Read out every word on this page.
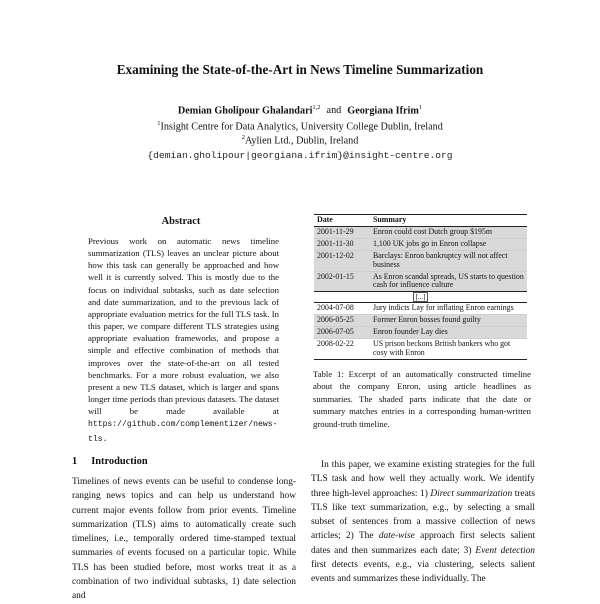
Examining the State-of-the-Art in News Timeline Summarization
Demian Gholipour Ghalandari$^{1,2}$ and Georgiana Ifrim$^1$
$^1$Insight Centre for Data Analytics, University College Dublin, Ireland
$^2$Aylien Ltd., Dublin, Ireland
{demian.gholipour|georgiana.ifrim}@insight-centre.org
Abstract
Previous work on automatic news timeline summarization (TLS) leaves an unclear picture about how this task can generally be approached and how well it is currently solved. This is mostly due to the focus on individual subtasks, such as date selection and date summarization, and to the previous lack of appropriate evaluation metrics for the full TLS task. In this paper, we compare different TLS strategies using appropriate evaluation frameworks, and propose a simple and effective combination of methods that improves over the state-of-the-art on all tested benchmarks. For a more robust evaluation, we also present a new TLS dataset, which is larger and spans longer time periods than previous datasets. The dataset will be made available at https://github.com/complementizer/news-tls.
1 Introduction
Timelines of news events can be useful to condense long-ranging news topics and can help us understand how current major events follow from prior events. Timeline summarization (TLS) aims to automatically create such timelines, i.e., temporally ordered time-stamped textual summaries of events focused on a particular topic. While TLS has been studied before, most works treat it as a combination of two individual subtasks, 1) date selection and
Date	Summary
2001-11-29	Enron could cost Dutch group $195m
2001-11-30	1,100 UK jobs go in Enron collapse
2001-12-02	Barclays: Enron bankruptcy will not affect business
2002-01-15	As Enron scandal spreads, US starts to question cash for influence culture
[...]	
2004-07-08	Jury indicts Lay for inflating Enron earnings
2006-05-25	Former Enron bosses found guilty
2006-07-05	Enron founder Lay dies
2008-02-22	US prison beckons British bankers who got cosy with Enron
Table 1: Excerpt of an automatically constructed timeline about the company Enron, using article headlines as summaries. The shaded parts indicate that the date or summary matches entries in a corresponding human-written ground-truth timeline.
In this paper, we examine existing strategies for the full TLS task and how well they actually work. We identify three high-level approaches: 1) Direct summarization treats TLS like text summarization, e.g., by selecting a small subset of sentences from a massive collection of news articles; 2) The date-wise approach first selects salient dates and then summarizes each date; 3) Event detection first detects events, e.g., via clustering, selects salient events and summarizes these individually. The
